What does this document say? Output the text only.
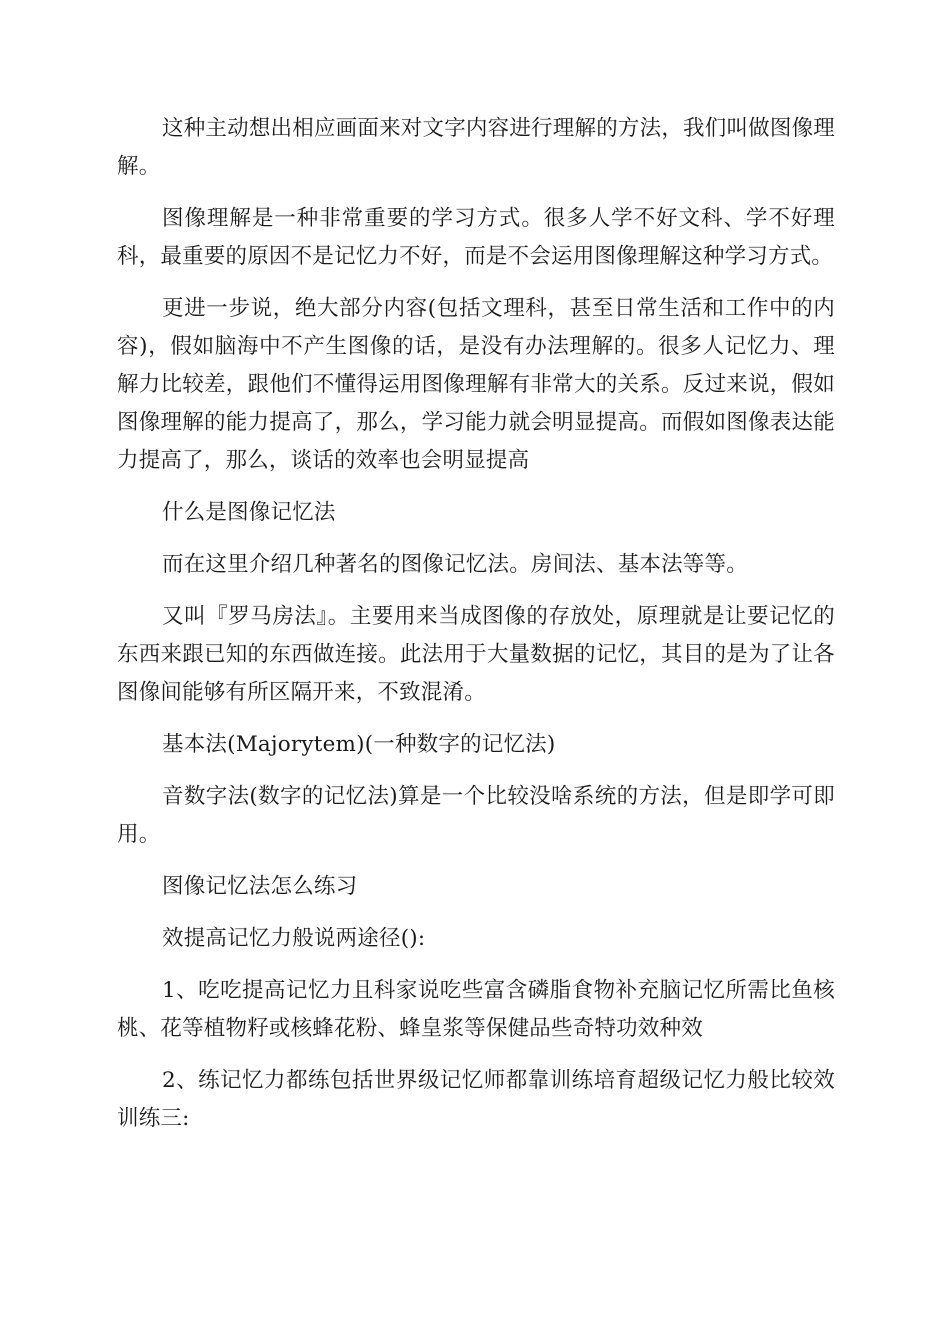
这种主动想出相应画面来对文字内容进行理解的方法，我们叫做图像理解。

图像理解是一种非常重要的学习方式。很多人学不好文科、学不好理科，最重要的原因不是记忆力不好，而是不会运用图像理解这种学习方式。

更进一步说，绝大部分内容(包括文理科，甚至日常生活和工作中的内容)，假如脑海中不产生图像的话，是没有办法理解的。很多人记忆力、理解力比较差，跟他们不懂得运用图像理解有非常大的关系。反过来说，假如图像理解的能力提高了，那么，学习能力就会明显提高。而假如图像表达能力提高了，那么，谈话的效率也会明显提高

什么是图像记忆法

而在这里介绍几种著名的图像记忆法。房间法、基本法等等。

又叫『罗马房法』。主要用来当成图像的存放处，原理就是让要记忆的东西来跟已知的东西做连接。此法用于大量数据的记忆，其目的是为了让各图像间能够有所区隔开来，不致混淆。

基本法(Majorytem)(一种数字的记忆法)

音数字法(数字的记忆法)算是一个比较没啥系统的方法，但是即学可即用。

图像记忆法怎么练习

效提高记忆力般说两途径():

1、吃吃提高记忆力且科家说吃些富含磷脂食物补充脑记忆所需比鱼核桃、花等植物籽或核蜂花粉、蜂皇浆等保健品些奇特功效种效

2、练记忆力都练包括世界级记忆师都靠训练培育超级记忆力般比较效训练三:
